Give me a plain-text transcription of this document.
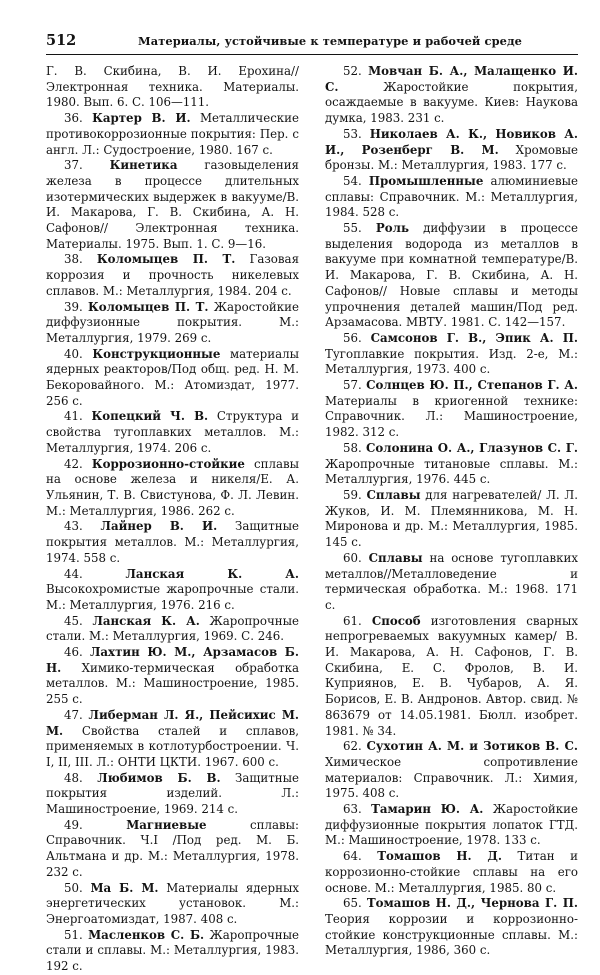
512	Материалы, устойчивые к температуре и рабочей среде

Г. В. Скибина, В. И. Ерохина//Электронная техника. Материалы. 1980. Вып. 6. С. 106—111.

36. Картер В. И. Металлические противокоррозионные покрытия: Пер. с англ. Л.: Судостроение, 1980. 167 с.

37. Кинетика газовыделения железа в процессе длительных изотермических выдержек в вакууме/В. И. Макарова, Г. В. Скибина, А. Н. Сафонов// Электронная техника. Материалы. 1975. Вып. 1. С. 9—16.

38. Коломыцев П. Т. Газовая коррозия и прочность никелевых сплавов. М.: Металлургия, 1984. 204 с.

39. Коломыцев П. Т. Жаростойкие диффузионные покрытия. М.: Металлургия, 1979. 269 с.

40. Конструкционные материалы ядерных реакторов/Под общ. ред. Н. М. Бекоровайного. М.: Атомиздат, 1977. 256 с.

41. Копецкий Ч. В. Структура и свойства тугоплавких металлов. М.: Металлургия, 1974. 206 с.

42. Коррозионно-стойкие сплавы на основе железа и никеля/Е. А. Ульянин, Т. В. Свистунова, Ф. Л. Левин. М.: Металлургия, 1986. 262 с.

43. Лайнер В. И. Защитные покрытия металлов. М.: Металлургия, 1974. 558 с.

44.	Ланская К. А. Высокохромистые жаропрочные стали. М.: Металлургия, 1976. 216 с.

45. Ланская К. А. Жаропрочные стали. М.: Металлургия, 1969. С. 246.

46. Лахтин Ю. М., Арзамасов Б. Н. Химико-термическая обработка металлов. М.: Машиностроение, 1985. 255 с.

47. Либерман Л. Я., Пейсихис М. М. Свойства сталей и сплавов, применяемых в котлотурбостроении. Ч. I, II, III. Л.: ОНТИ ЦКТИ. 1967. 600 с.

48. Любимов Б. В. Защитные покрытия изделий. Л.: Машиностроение, 1969. 214 с.

49.	Магниевые	сплавы: Справочник. Ч.I /Под ред. М. Б. Альтмана и др. М.: Металлургия, 1978. 232 с.

50. Ма Б. М. Материалы ядерных энергетических установок. М.: Энергоатомиздат, 1987. 408 с.

51. Масленков С. Б. Жаропрочные стали и сплавы. М.: Металлургия, 1983. 192 с.

52. Мовчан Б. А., Малащенко И. С.	Жаростойкие покрытия, осаждаемые в вакууме. Киев: Наукова думка, 1983. 231 с.

53. Николаев А. К., Новиков А. И., Розенберг В. М. Хромовые бронзы. М.: Металлургия, 1983. 177 с.

54. Промышленные алюминиевые сплавы: Справочник. М.: Металлургия, 1984. 528 с.

55. Роль диффузии в процессе выделения водорода из металлов в вакууме при комнатной температуре/В. И. Макарова, Г. В. Скибина, А. Н. Сафонов// Новые сплавы и методы упрочнения деталей машин/Под ред. Арзамасова. МВТУ. 1981. С. 142—157.

56. Самсонов Г. В., Эпик А. П. Тугоплавкие покрытия. Изд. 2-е, М.: Металлургия, 1973. 400 с.

57. Солнцев Ю. П., Степанов Г. А. Материалы в криогенной технике: Справочник. Л.: Машиностроение, 1982. 312 с.

58. Солонина О. А., Глазунов С. Г. Жаропрочные титановые сплавы. М.: Металлургия, 1976. 445 с.

59. Сплавы для нагревателей/ Л. Л. Жуков, И. М. Племянникова, М. Н. Миронова и др. М.: Металлургия, 1985. 145 с.

60. Сплавы на основе тугоплавких металлов//Металловедение и термическая обработка. М.: 1968. 171 с.

61. Способ изготовления сварных непрогреваемых вакуумных камер/ В. И. Макарова, А. Н. Сафонов, Г. В. Скибина, Е. С. Фролов, В. И. Куприянов, Е. В. Чубаров, А. Я. Борисов, Е. В. Андронов. Автор. свид. № 863679 от 14.05.1981. Бюлл. изобрет. 1981. № 34.

62. Сухотин А. М. и Зотиков В. С. Химическое сопротивление материалов: Справочник. Л.: Химия, 1975. 408 с.

63. Тамарин Ю. А. Жаростойкие диффузионные покрытия лопаток ГТД. М.: Машиностроение, 1978. 133 с.

64. Томашов Н. Д. Титан и коррозионно-стойкие сплавы на его основе. М.: Металлургия, 1985. 80 с.

65. Томашов Н. Д., Чернова Г. П. Теория коррозии и коррозионно-стойкие конструкционные сплавы. М.: Металлургия, 1986, 360 с.
